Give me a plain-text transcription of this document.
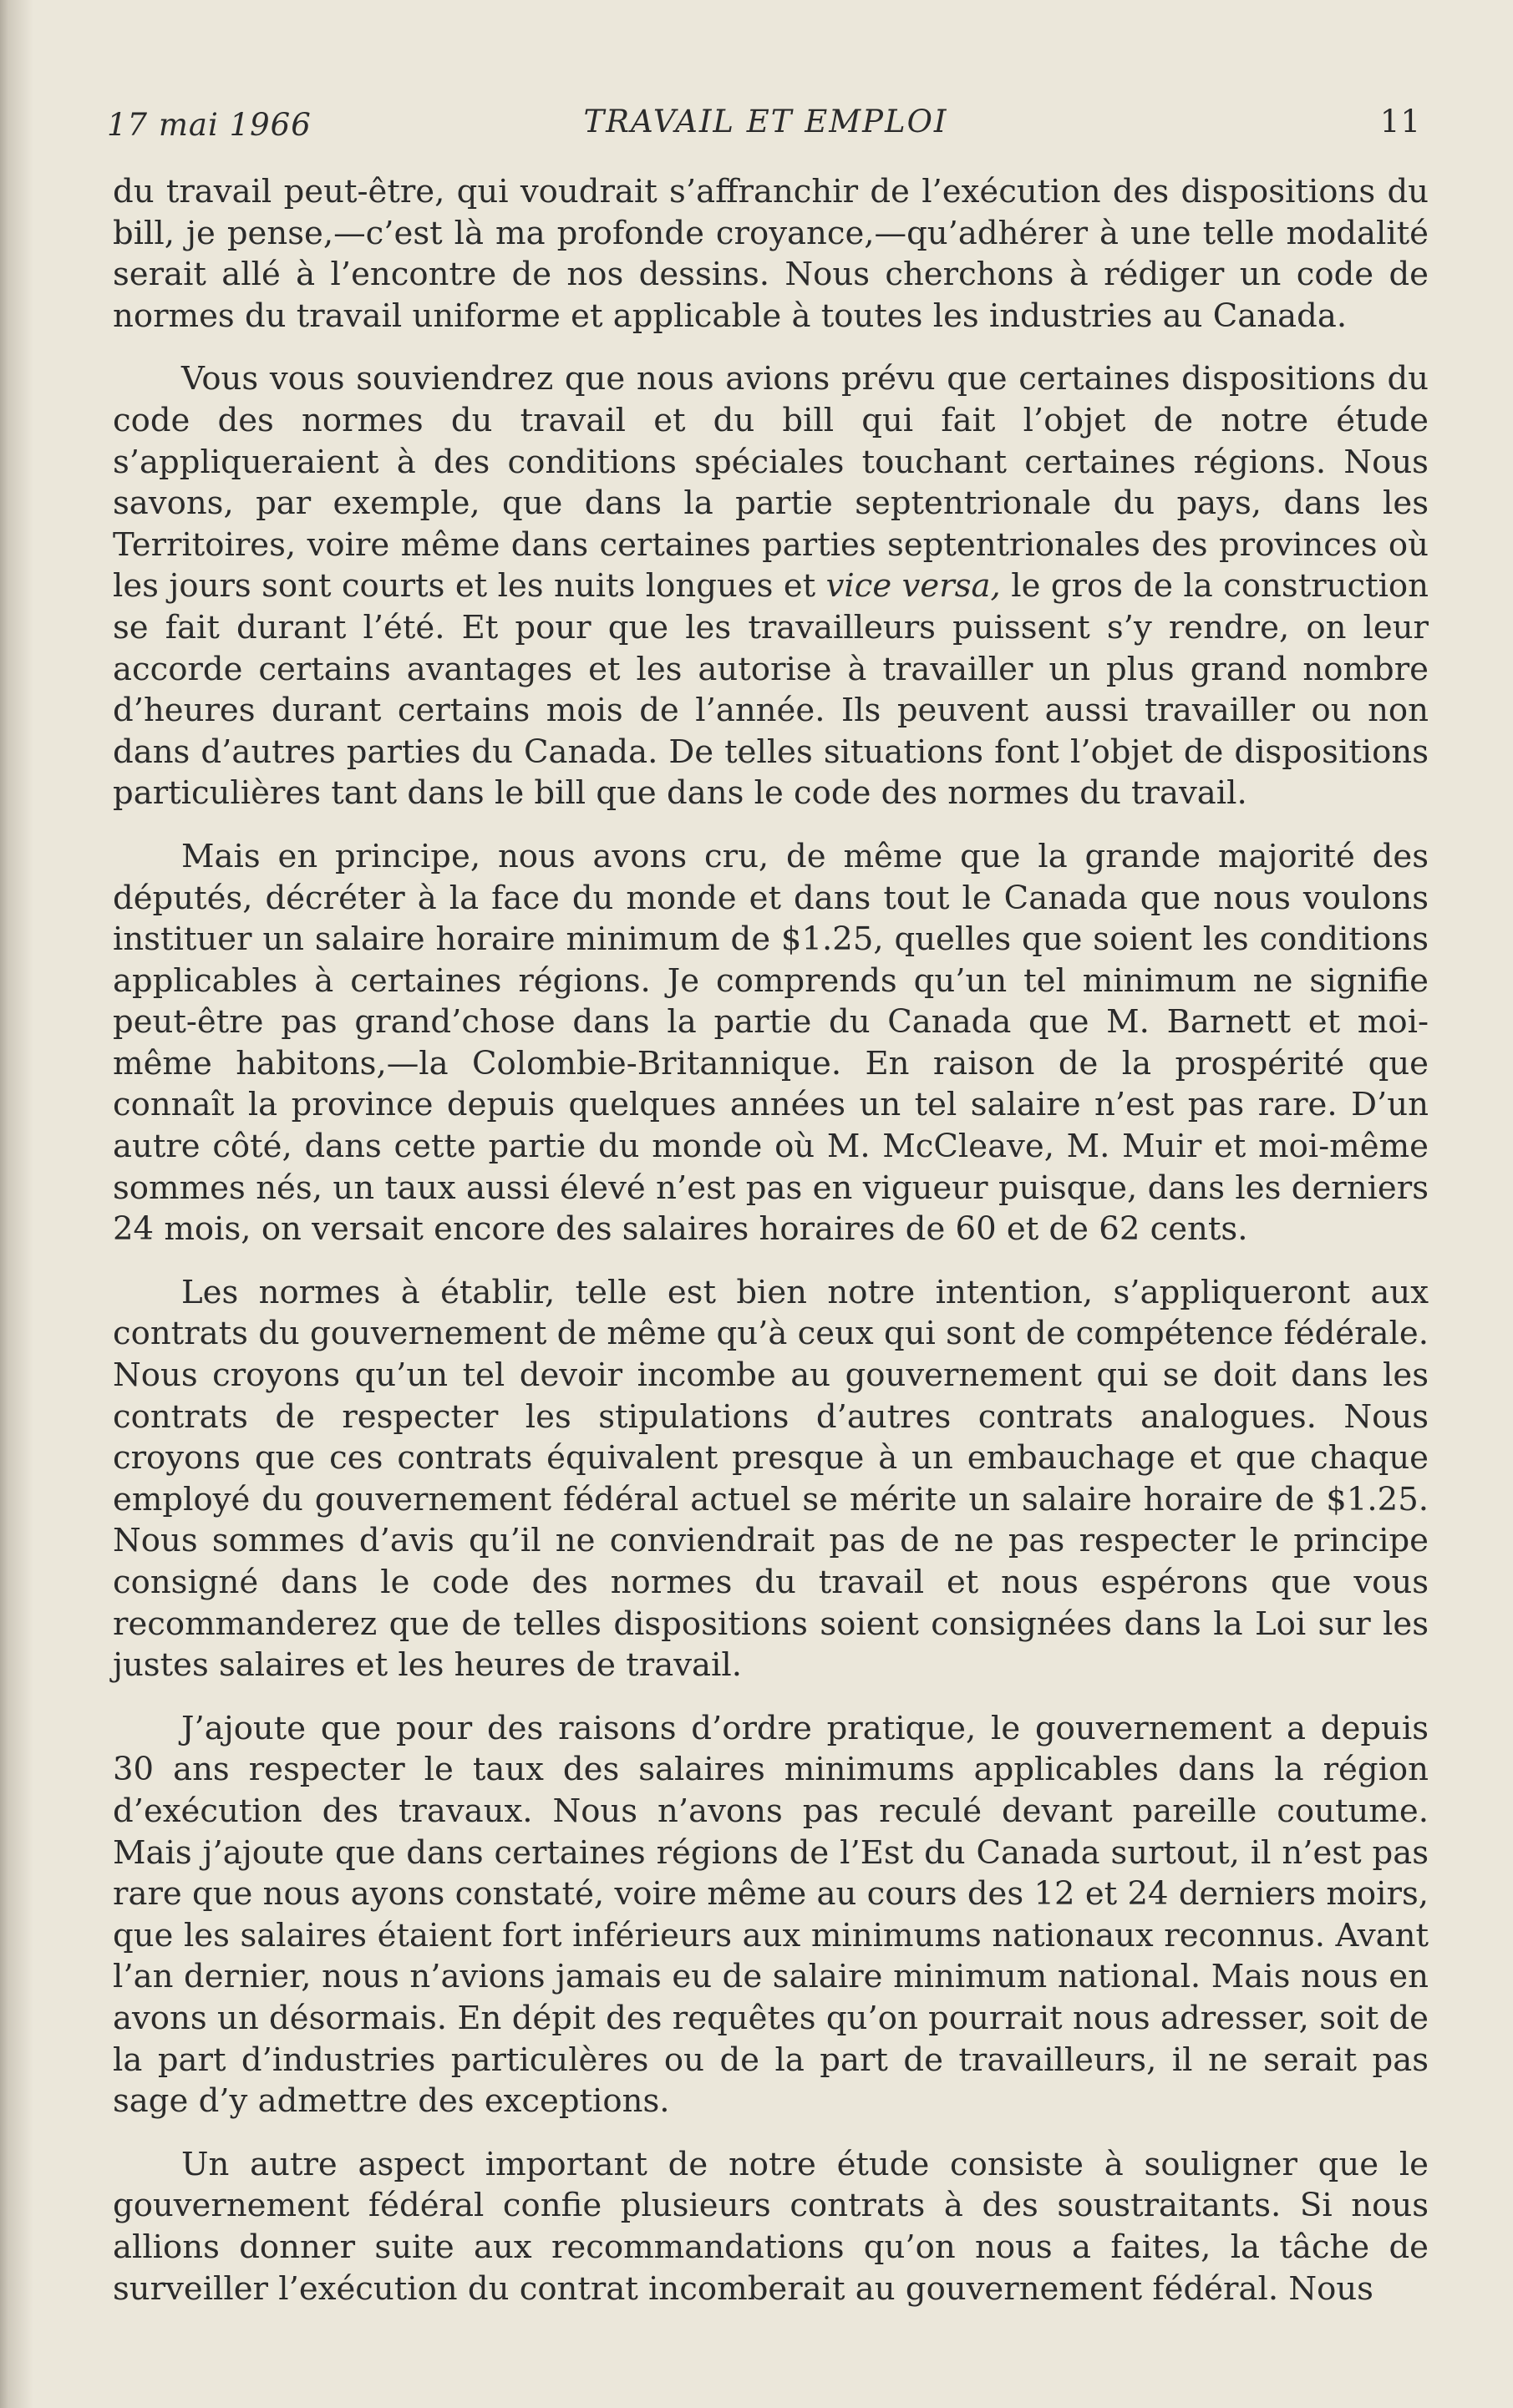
17 mai 1966	TRAVAIL ET EMPLOI	11

du travail peut-être, qui voudrait s’affranchir de l’exécution des dispositions du bill, je pense,—c’est là ma profonde croyance,—qu’adhérer à une telle modalité serait allé à l’encontre de nos dessins. Nous cherchons à rédiger un code de normes du travail uniforme et applicable à toutes les industries au Canada.

Vous vous souviendrez que nous avions prévu que certaines dispositions du code des normes du travail et du bill qui fait l’objet de notre étude s’appliqueraient à des conditions spéciales touchant certaines régions. Nous savons, par exemple, que dans la partie septentrionale du pays, dans les Territoires, voire même dans certaines parties septentrionales des provinces où les jours sont courts et les nuits longues et vice versa, le gros de la construction se fait durant l’été. Et pour que les travailleurs puissent s’y rendre, on leur accorde certains avantages et les autorise à travailler un plus grand nombre d’heures durant certains mois de l’année. Ils peuvent aussi travailler ou non dans d’autres parties du Canada. De telles situations font l’objet de dispositions particulières tant dans le bill que dans le code des normes du travail.

Mais en principe, nous avons cru, de même que la grande majorité des députés, décréter à la face du monde et dans tout le Canada que nous voulons instituer un salaire horaire minimum de $1.25, quelles que soient les conditions applicables à certaines régions. Je comprends qu’un tel minimum ne signifie peut-être pas grand’chose dans la partie du Canada que M. Barnett et moi-même habitons,—la Colombie-Britannique. En raison de la prospérité que connaît la province depuis quelques années un tel salaire n’est pas rare. D’un autre côté, dans cette partie du monde où M. McCleave, M. Muir et moi-même sommes nés, un taux aussi élevé n’est pas en vigueur puisque, dans les derniers 24 mois, on versait encore des salaires horaires de 60 et de 62 cents.

Les normes à établir, telle est bien notre intention, s’appliqueront aux contrats du gouvernement de même qu’à ceux qui sont de compétence fédérale. Nous croyons qu’un tel devoir incombe au gouvernement qui se doit dans les contrats de respecter les stipulations d’autres contrats analogues. Nous croyons que ces contrats équivalent presque à un embauchage et que chaque employé du gouvernement fédéral actuel se mérite un salaire horaire de $1.25. Nous sommes d’avis qu’il ne conviendrait pas de ne pas respecter le principe consigné dans le code des normes du travail et nous espérons que vous recommanderez que de telles dispositions soient consignées dans la Loi sur les justes salaires et les heures de travail.

J’ajoute que pour des raisons d’ordre pratique, le gouvernement a depuis 30 ans respecter le taux des salaires minimums applicables dans la région d’exécution des travaux. Nous n’avons pas reculé devant pareille coutume. Mais j’ajoute que dans certaines régions de l’Est du Canada surtout, il n’est pas rare que nous ayons constaté, voire même au cours des 12 et 24 derniers moirs, que les salaires étaient fort inférieurs aux minimums nationaux reconnus. Avant l’an dernier, nous n’avions jamais eu de salaire minimum national. Mais nous en avons un désormais. En dépit des requêtes qu’on pourrait nous adresser, soit de la part d’industries particulères ou de la part de travailleurs, il ne serait pas sage d’y admettre des exceptions.

Un autre aspect important de notre étude consiste à souligner que le gouvernement fédéral confie plusieurs contrats à des soustraitants. Si nous allions donner suite aux recommandations qu’on nous a faites, la tâche de surveiller l’exécution du contrat incomberait au gouvernement fédéral. Nous
